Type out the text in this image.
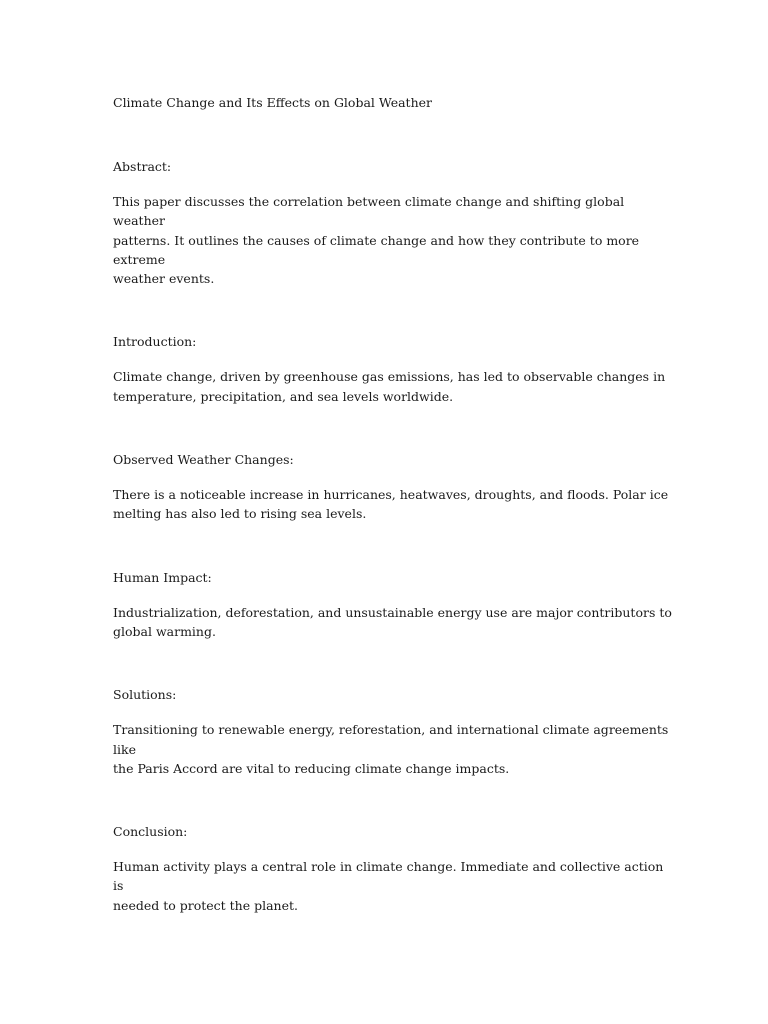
Climate Change and Its Effects on Global Weather

Abstract:

This paper discusses the correlation between climate change and shifting global weather
patterns. It outlines the causes of climate change and how they contribute to more extreme
weather events.

Introduction:

Climate change, driven by greenhouse gas emissions, has led to observable changes in
temperature, precipitation, and sea levels worldwide.

Observed Weather Changes:

There is a noticeable increase in hurricanes, heatwaves, droughts, and floods. Polar ice
melting has also led to rising sea levels.

Human Impact:

Industrialization, deforestation, and unsustainable energy use are major contributors to
global warming.

Solutions:

Transitioning to renewable energy, reforestation, and international climate agreements like
the Paris Accord are vital to reducing climate change impacts.

Conclusion:

Human activity plays a central role in climate change. Immediate and collective action is
needed to protect the planet.
